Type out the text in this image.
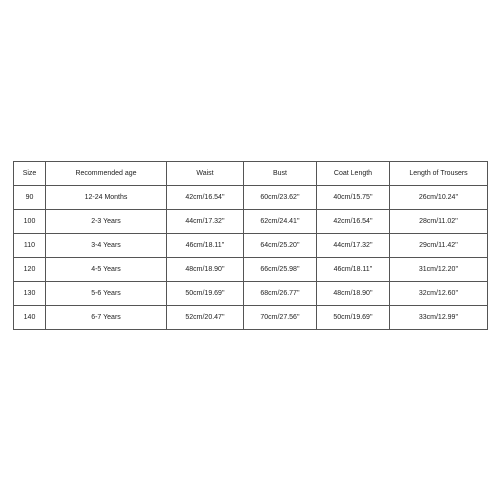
Size	Recommended age	Waist	Bust	Coat Length	Length of Trousers
90	12-24 Months	42cm/16.54''	60cm/23.62''	40cm/15.75''	26cm/10.24''
100	2-3 Years	44cm/17.32''	62cm/24.41''	42cm/16.54''	28cm/11.02''
110	3-4 Years	46cm/18.11''	64cm/25.20''	44cm/17.32''	29cm/11.42''
120	4-5 Years	48cm/18.90''	66cm/25.98''	46cm/18.11''	31cm/12.20''
130	5-6 Years	50cm/19.69''	68cm/26.77''	48cm/18.90''	32cm/12.60''
140	6-7 Years	52cm/20.47''	70cm/27.56''	50cm/19.69''	33cm/12.99''
